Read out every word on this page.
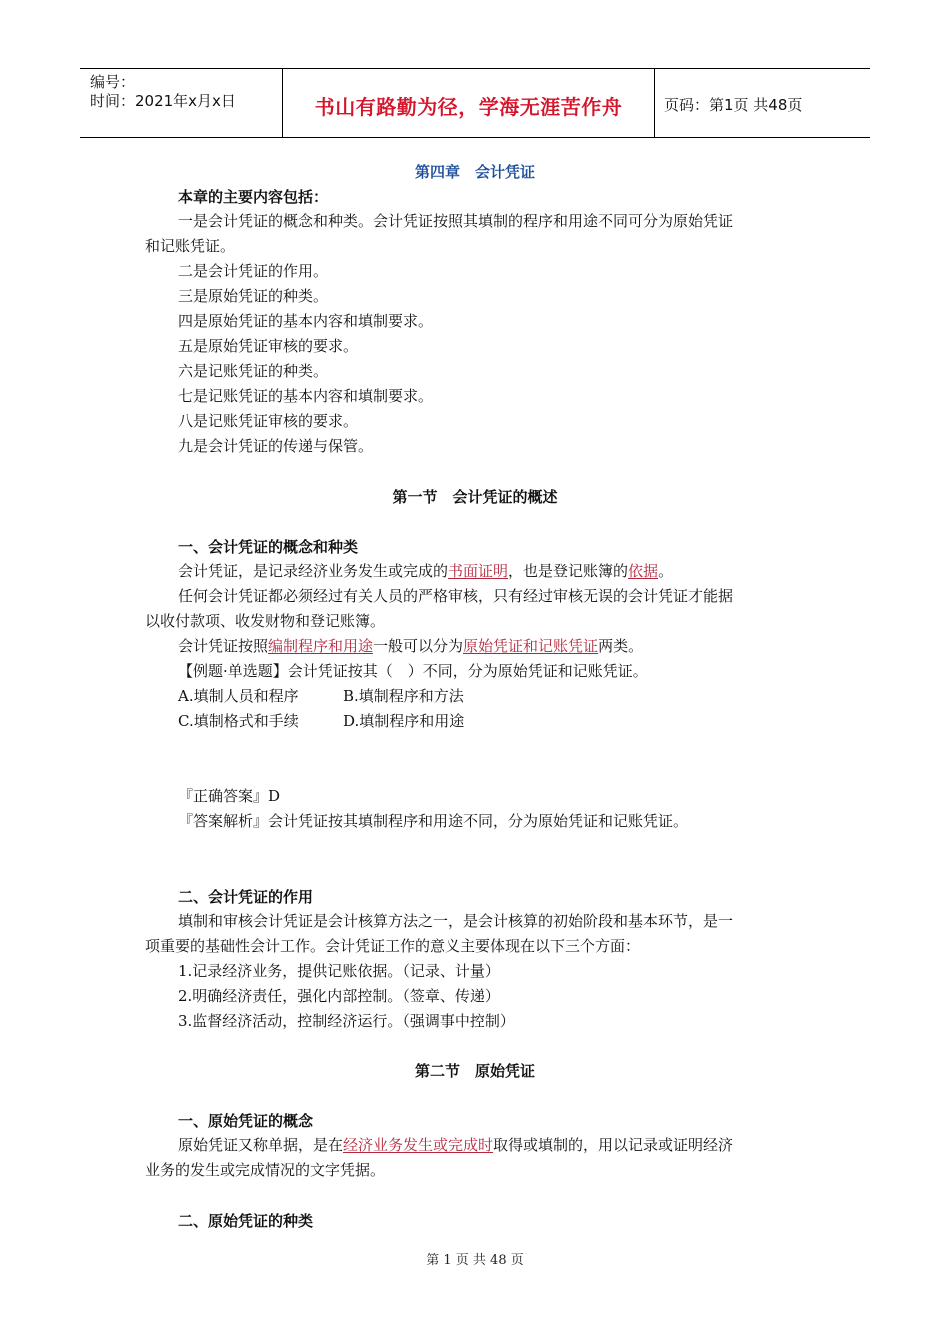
编号：
时间：2021年x月x日	书山有路勤为径，学海无涯苦作舟	页码：第1页 共48页
第四章　会计凭证
本章的主要内容包括：
一是会计凭证的概念和种类。会计凭证按照其填制的程序和用途不同可分为原始凭证
和记账凭证。
二是会计凭证的作用。
三是原始凭证的种类。
四是原始凭证的基本内容和填制要求。
五是原始凭证审核的要求。
六是记账凭证的种类。
七是记账凭证的基本内容和填制要求。
八是记账凭证审核的要求。
九是会计凭证的传递与保管。
第一节　会计凭证的概述
一、会计凭证的概念和种类
会计凭证，是记录经济业务发生或完成的书面证明，也是登记账簿的依据。
任何会计凭证都必须经过有关人员的严格审核，只有经过审核无误的会计凭证才能据
以收付款项、收发财物和登记账簿。
会计凭证按照编制程序和用途一般可以分为原始凭证和记账凭证两类。
【例题·单选题】会计凭证按其（　）不同，分为原始凭证和记账凭证。
A.填制人员和程序	B.填制程序和方法
C.填制格式和手续	D.填制程序和用途
『正确答案』D
『答案解析』会计凭证按其填制程序和用途不同，分为原始凭证和记账凭证。
二、会计凭证的作用
填制和审核会计凭证是会计核算方法之一，是会计核算的初始阶段和基本环节，是一
项重要的基础性会计工作。会计凭证工作的意义主要体现在以下三个方面：
1.记录经济业务，提供记账依据。（记录、计量）
2.明确经济责任，强化内部控制。（签章、传递）
3.监督经济活动，控制经济运行。（强调事中控制）
第二节　原始凭证
一、原始凭证的概念
原始凭证又称单据，是在经济业务发生或完成时取得或填制的，用以记录或证明经济
业务的发生或完成情况的文字凭据。
二、原始凭证的种类
第 1 页 共 48 页
